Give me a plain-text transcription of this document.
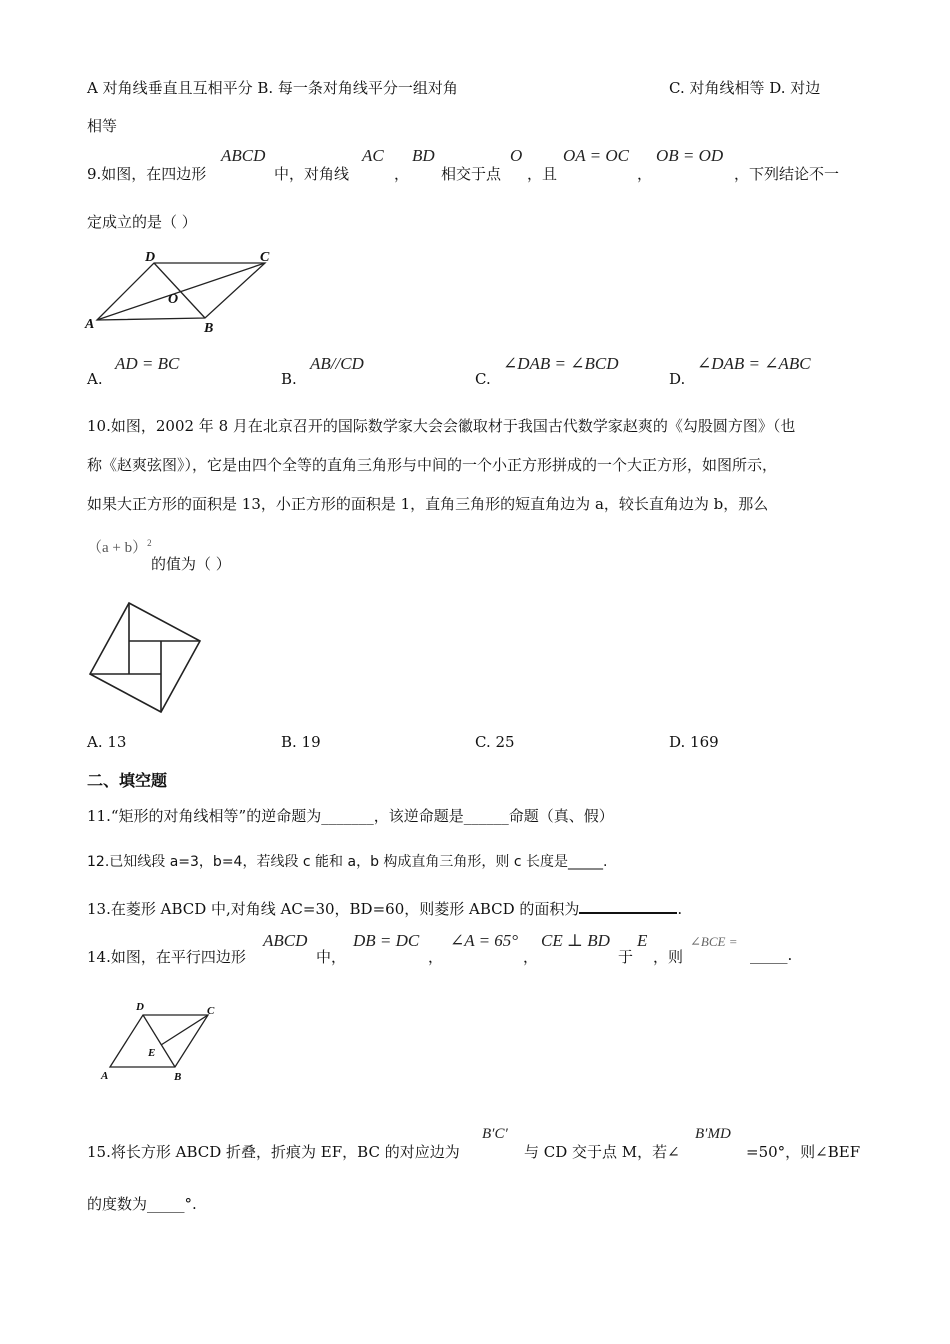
A 对角线垂直且互相平分 B. 每一条对角线平分一组对角	C. 对角线相等 D. 对边
相等
9.如图，在四边形
ABCD
中，对角线
AC
，
BD
相交于点
O
，且
OA = OC
，
OB = OD
，下列结论不一
定成立的是（ ）
A	B
C
D
O
A.
AD = BC
B.
AB//CD
C.
∠DAB = ∠BCD
D.
∠DAB = ∠ABC
10.如图，2002 年 8 月在北京召开的国际数学家大会会徽取材于我国古代数学家赵爽的《勾股圆方图》（也
称《赵爽弦图》），它是由四个全等的直角三角形与中间的一个小正方形拼成的一个大正方形，如图所示，
如果大正方形的面积是 13，小正方形的面积是 1，直角三角形的短直角边为 a，较长直角边为 b，那么
$(a + b)^2$
的值为（ ）
A. 13	B. 19	C. 25	D. 169
二、填空题
11.“矩形的对角线相等”的逆命题为_______，该逆命题是______命题（真、假）
12.已知线段 a=3，b=4，若线段 c 能和 a，b 构成直角三角形，则 c 长度是_____.
13.在菱形 ABCD 中,对角线 AC=30，BD=60，则菱形 ABCD 的面积为	.
14.如图，在平行四边形
ABCD
中，
DB = DC
，
∠A = 65°
，
CE ⊥ BD
于
E
，则
∠BCE =
_____.
A	B
C
D
E
15.将长方形 ABCD 折叠，折痕为 EF，BC 的对应边为
B′C′
与 CD 交于点 M，若∠
B′MD
=50°，则∠BEF
的度数为_____°.
